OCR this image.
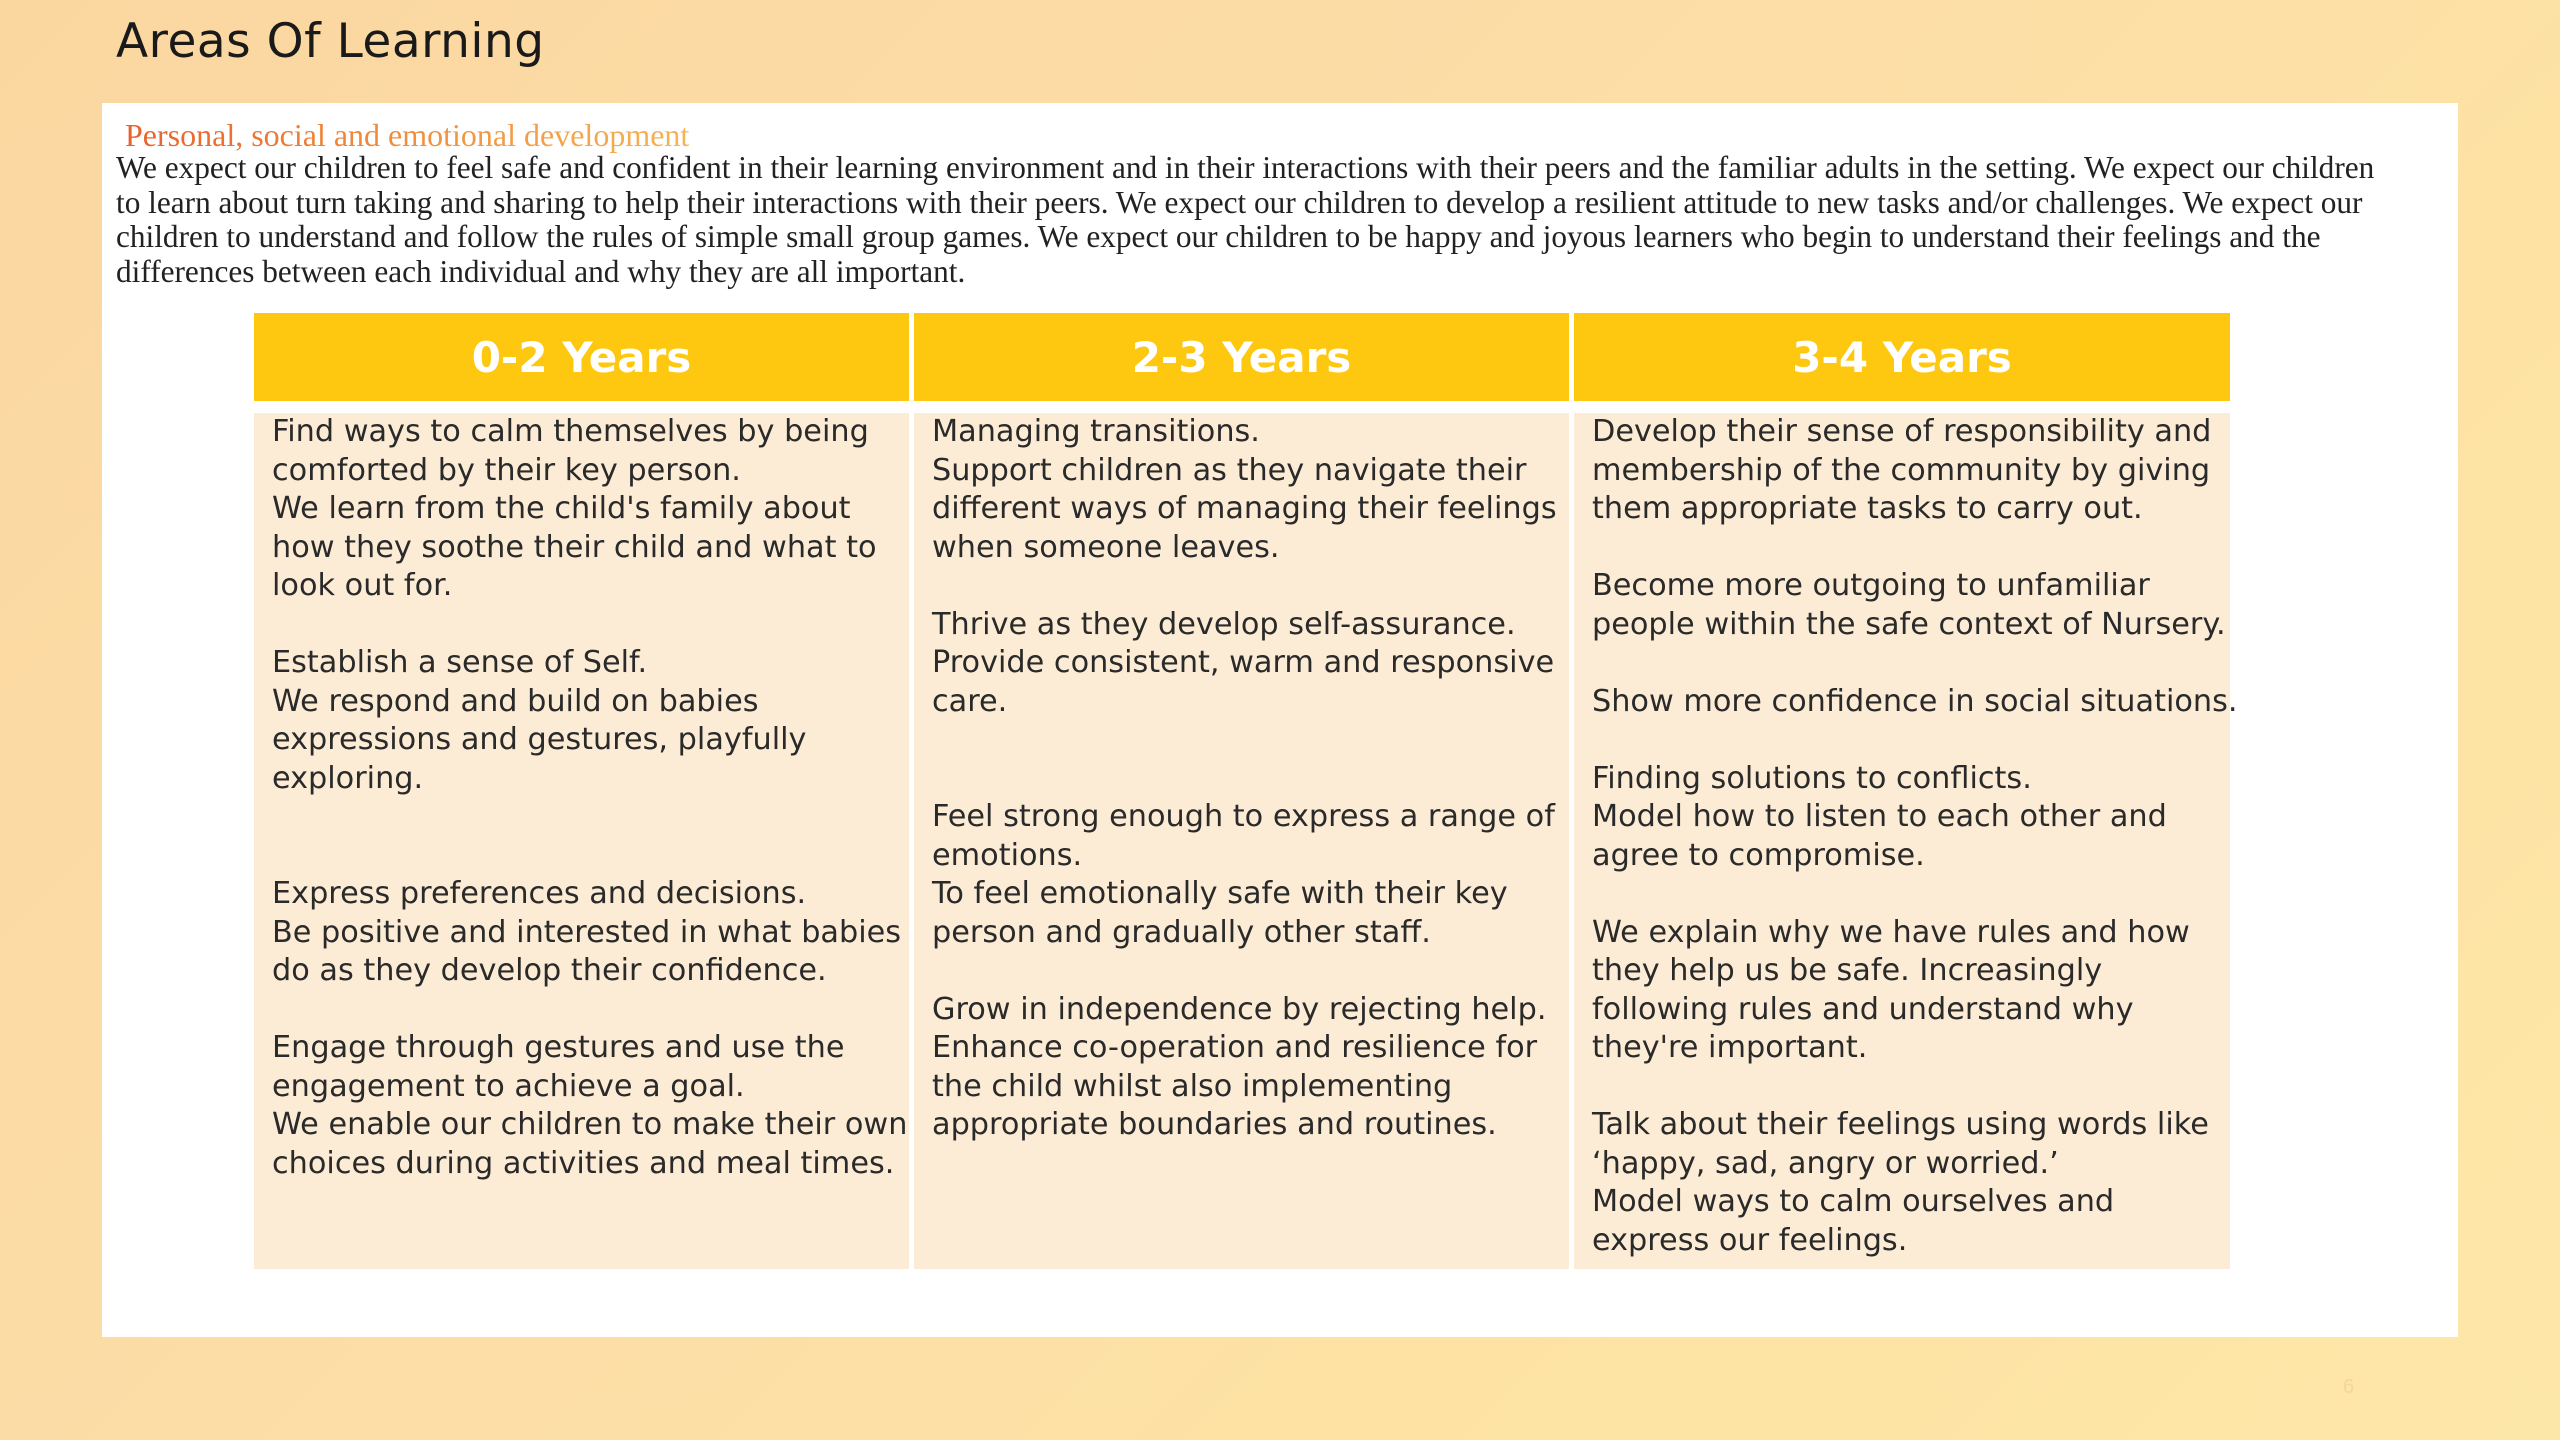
Areas Of Learning
Personal, social and emotional development

We expect our children to feel safe and confident in their learning environment and in their interactions with their peers and the familiar adults in the setting. We expect our children to learn about turn taking and sharing to help their interactions with their peers. We expect our children to develop a resilient attitude to new tasks and/or challenges. We expect our children to understand and follow the rules of simple small group games. We expect our children to be happy and joyous learners who begin to understand their feelings and the differences between each individual and why they are all important.

0-2 Years	2-3 Years	3-4 Years
Find ways to calm themselves by being
comforted by their key person.
We learn from the child's family about
how they soothe their child and what to
look out for.
Establish a sense of Self.
We respond and build on babies
expressions and gestures, playfully
exploring.
Express preferences and decisions.
Be positive and interested in what babies
do as they develop their confidence.
Engage through gestures and use the
engagement to achieve a goal.
We enable our children to make their own
choices during activities and meal times.
Managing transitions.
Support children as they navigate their
different ways of managing their feelings
when someone leaves.
Thrive as they develop self-assurance.
Provide consistent, warm and responsive
care.
Feel strong enough to express a range of
emotions.
To feel emotionally safe with their key
person and gradually other staff.
Grow in independence by rejecting help.
Enhance co-operation and resilience for
the child whilst also implementing
appropriate boundaries and routines.
Develop their sense of responsibility and
membership of the community by giving
them appropriate tasks to carry out.
Become more outgoing to unfamiliar
people within the safe context of Nursery.
Show more confidence in social situations.
Finding solutions to conflicts.
Model how to listen to each other and
agree to compromise.
We explain why we have rules and how
they help us be safe. Increasingly
following rules and understand why
they're important.
Talk about their feelings using words like
‘happy, sad, angry or worried.’
Model ways to calm ourselves and
express our feelings.
6
